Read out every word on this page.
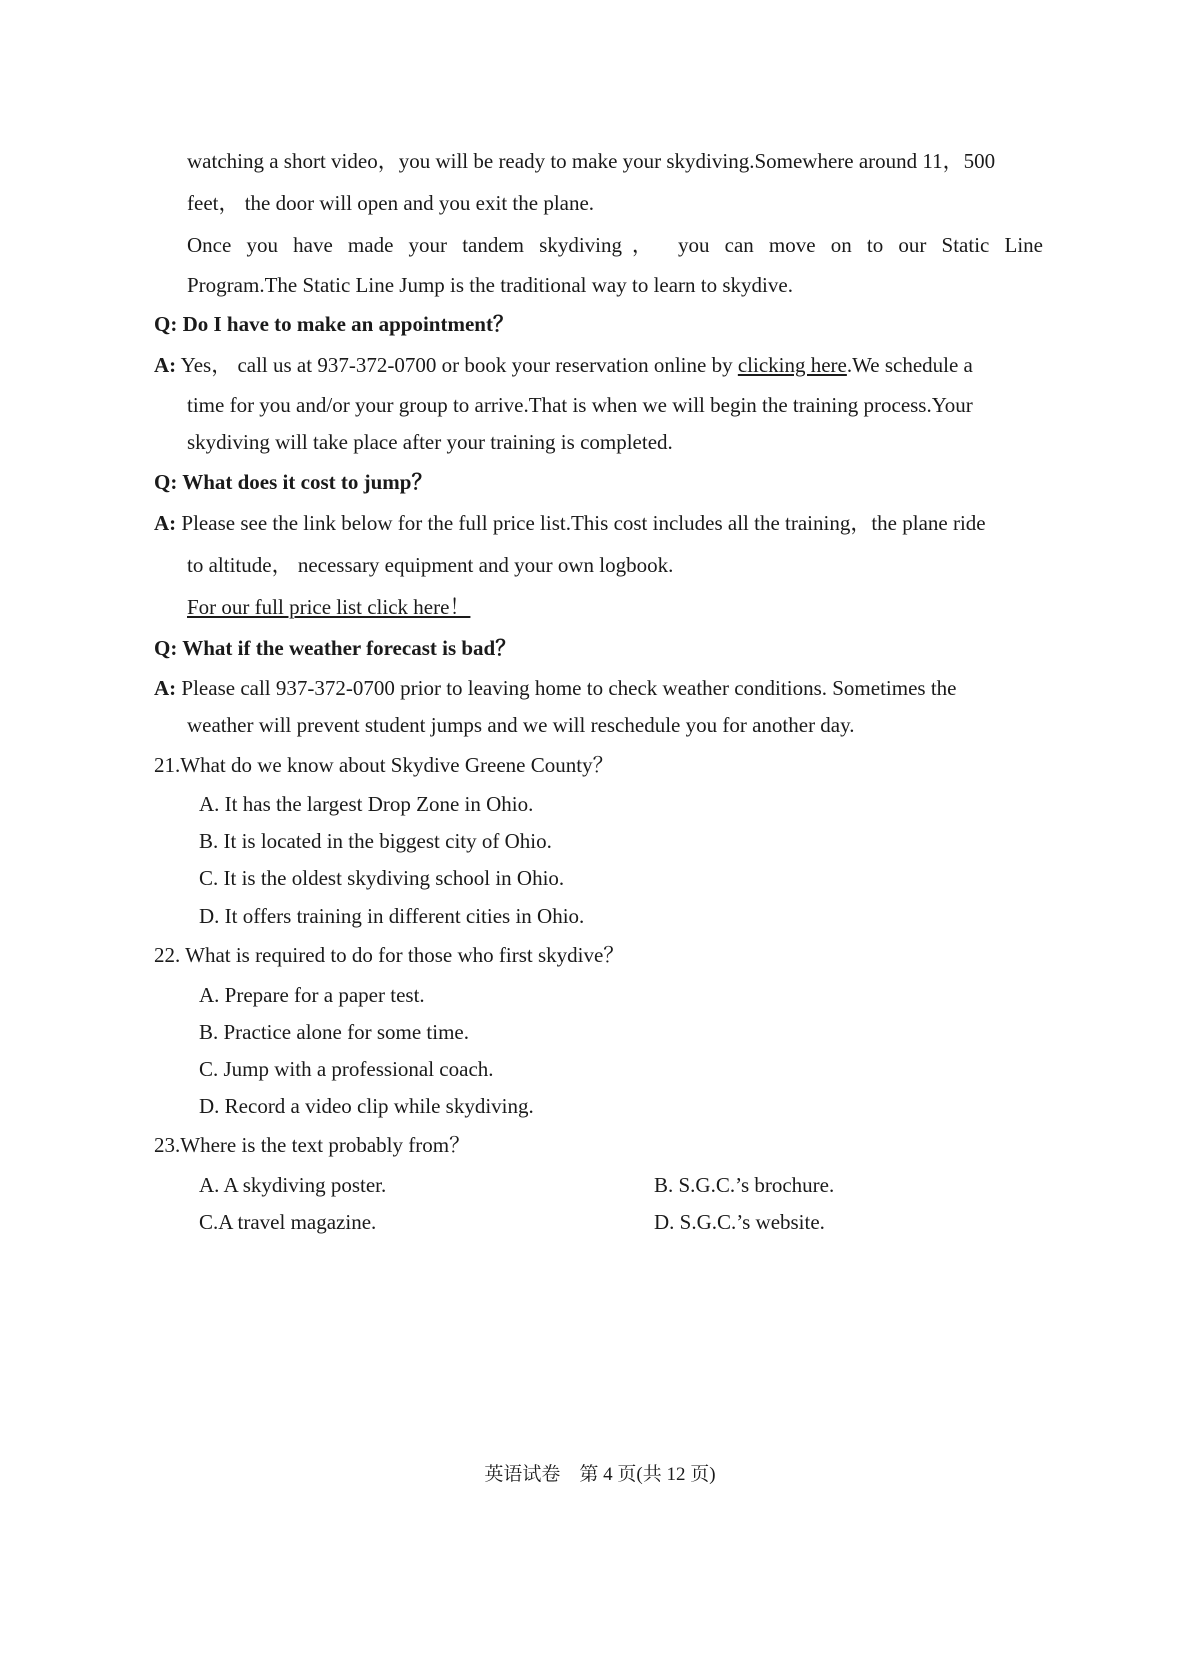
watching a short video，you will be ready to make your skydiving.Somewhere around 11，500
feet， the door will open and you exit the plane.
Once you have made your tandem skydiving， you can move on to our Static Line
Program.The Static Line Jump is the traditional way to learn to skydive.
Q: Do I have to make an appointment？
A: Yes， call us at 937-372-0700 or book your reservation online by clicking here.We schedule a
time for you and/or your group to arrive.That is when we will begin the training process.Your
skydiving will take place after your training is completed.
Q: What does it cost to jump？
A: Please see the link below for the full price list.This cost includes all the training，the plane ride
to altitude， necessary equipment and your own logbook.
For our full price list click here！
Q: What if the weather forecast is bad？
A: Please call 937-372-0700 prior to leaving home to check weather conditions. Sometimes the
weather will prevent student jumps and we will reschedule you for another day.
21.What do we know about Skydive Greene County？
A. It has the largest Drop Zone in Ohio.
B. It is located in the biggest city of Ohio.
C. It is the oldest skydiving school in Ohio.
D. It offers training in different cities in Ohio.
22. What is required to do for those who first skydive？
A. Prepare for a paper test.
B. Practice alone for some time.
C. Jump with a professional coach.
D. Record a video clip while skydiving.
23.Where is the text probably from？
A. A skydiving poster.	B. S.G.C.’s brochure.
C.A travel magazine.	D. S.G.C.’s website.
英语试卷　第 4 页(共 12 页)
